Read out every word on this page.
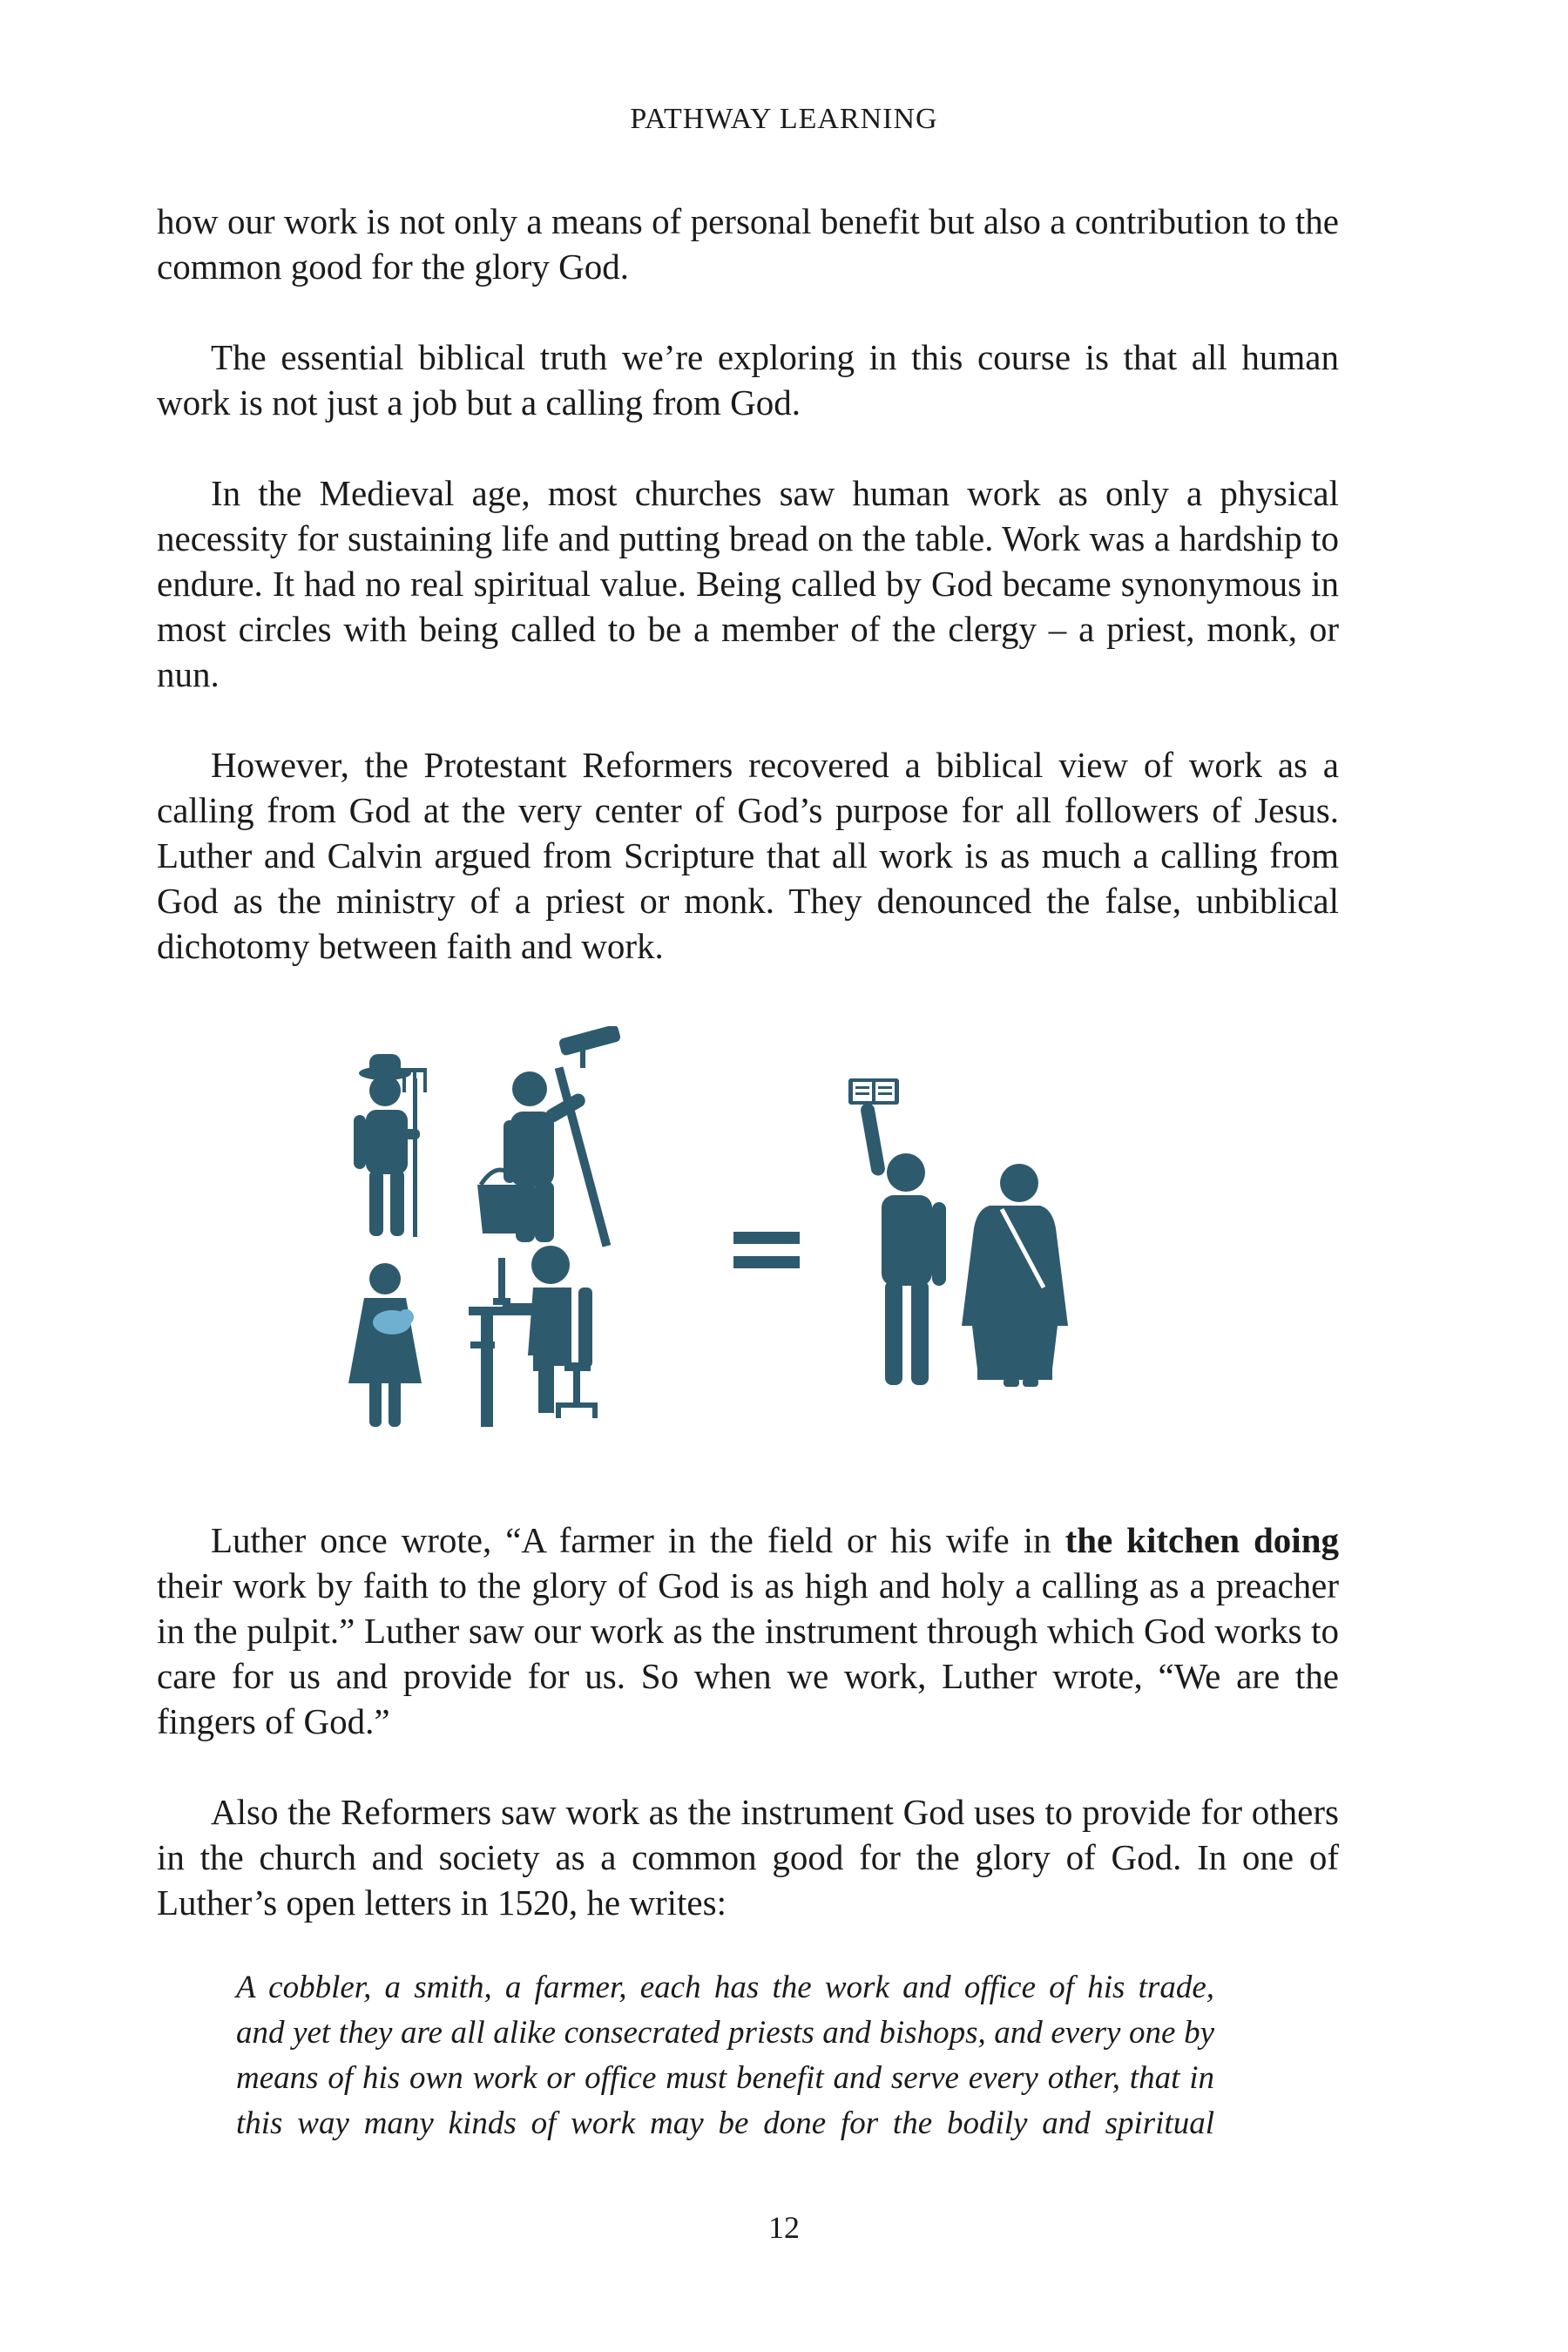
PATHWAY LEARNING

how our work is not only a means of personal benefit but also a contribution to the common good for the glory God.

The essential biblical truth we’re exploring in this course is that all human work is not just a job but a calling from God.

In the Medieval age, most churches saw human work as only a physical necessity for sustaining life and putting bread on the table. Work was a hardship to endure. It had no real spiritual value. Being called by God became synonymous in most circles with being called to be a member of the clergy – a priest, monk, or nun.

However, the Protestant Reformers recovered a biblical view of work as a calling from God at the very center of God’s purpose for all followers of Jesus. Luther and Calvin argued from Scripture that all work is as much a calling from God as the ministry of a priest or monk. They denounced the false, unbiblical dichotomy between faith and work.

Luther once wrote, “A farmer in the field or his wife in the kitchen doing their work by faith to the glory of God is as high and holy a calling as a preacher in the pulpit.” Luther saw our work as the instrument through which God works to care for us and provide for us. So when we work, Luther wrote, “We are the fingers of God.”

Also the Reformers saw work as the instrument God uses to provide for others in the church and society as a common good for the glory of God. In one of Luther’s open letters in 1520, he writes:

A cobbler, a smith, a farmer, each has the work and office of his trade,

and yet they are all alike consecrated priests and bishops, and every one by

means of his own work or office must benefit and serve every other, that in

this way many kinds of work may be done for the bodily and spiritual

12
